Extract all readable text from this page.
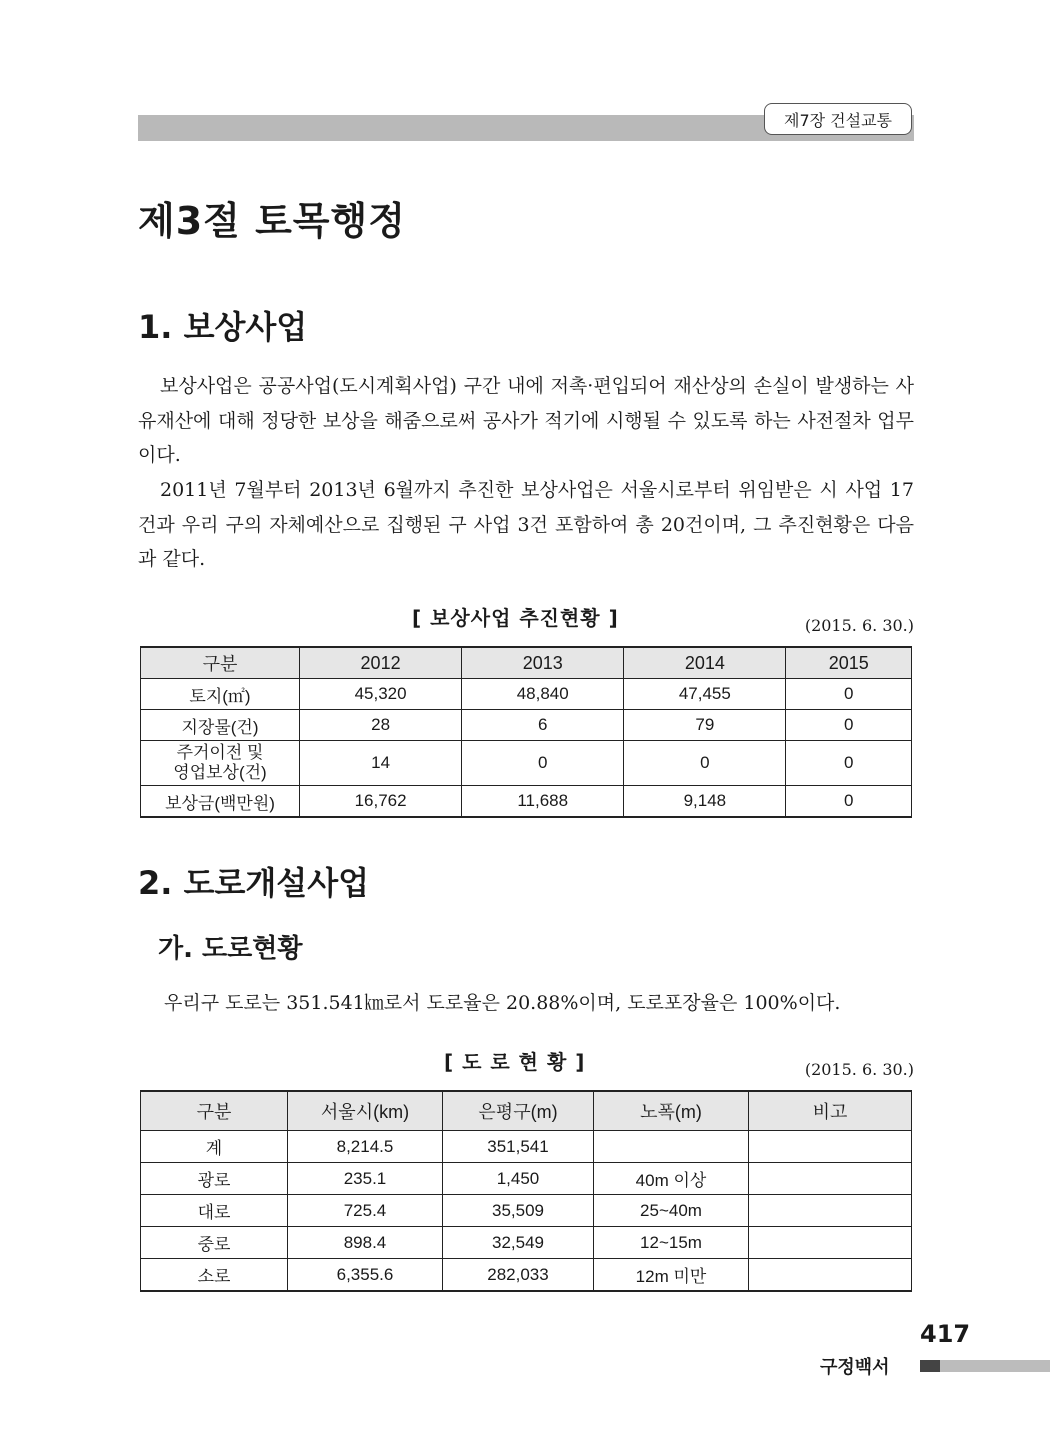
제7장 건설교통
제3절 토목행정
1. 보상사업

보상사업은 공공사업(도시계획사업) 구간 내에 저촉·편입되어 재산상의 손실이 발생하는 사유재산에 대해 정당한 보상을 해줌으로써 공사가 적기에 시행될 수 있도록 하는 사전절차 업무이다.

2011년 7월부터 2013년 6월까지 추진한 보상사업은 서울시로부터 위임받은 시 사업 17건과 우리 구의 자체예산으로 집행된 구 사업 3건 포함하여 총 20건이며, 그 추진현황은 다음과 같다.

[ 보상사업 추진현황 ]	(2015. 6. 30.)
구분	2012	2013	2014	2015
토지(㎡)	45,320	48,840	47,455	0
지장물(건)	28	6	79	0

주거이전 및
영업보상(건)	14	0	0	0
보상금(백만원)	16,762	11,688	9,148	0
2. 도로개설사업
가. 도로현황

우리구 도로는 351.541㎞로서 도로율은 20.88%이며, 도로포장율은 100%이다.

[ 도 로 현 황 ]	(2015. 6. 30.)
구분	서울시(km)	은평구(m)	노폭(m)	비고
계	8,214.5	351,541		
광로	235.1	1,450	40m 이상	
대로	725.4	35,509	25~40m	
중로	898.4	32,549	12~15m	
소로	6,355.6	282,033	12m 미만	
417
구정백서
